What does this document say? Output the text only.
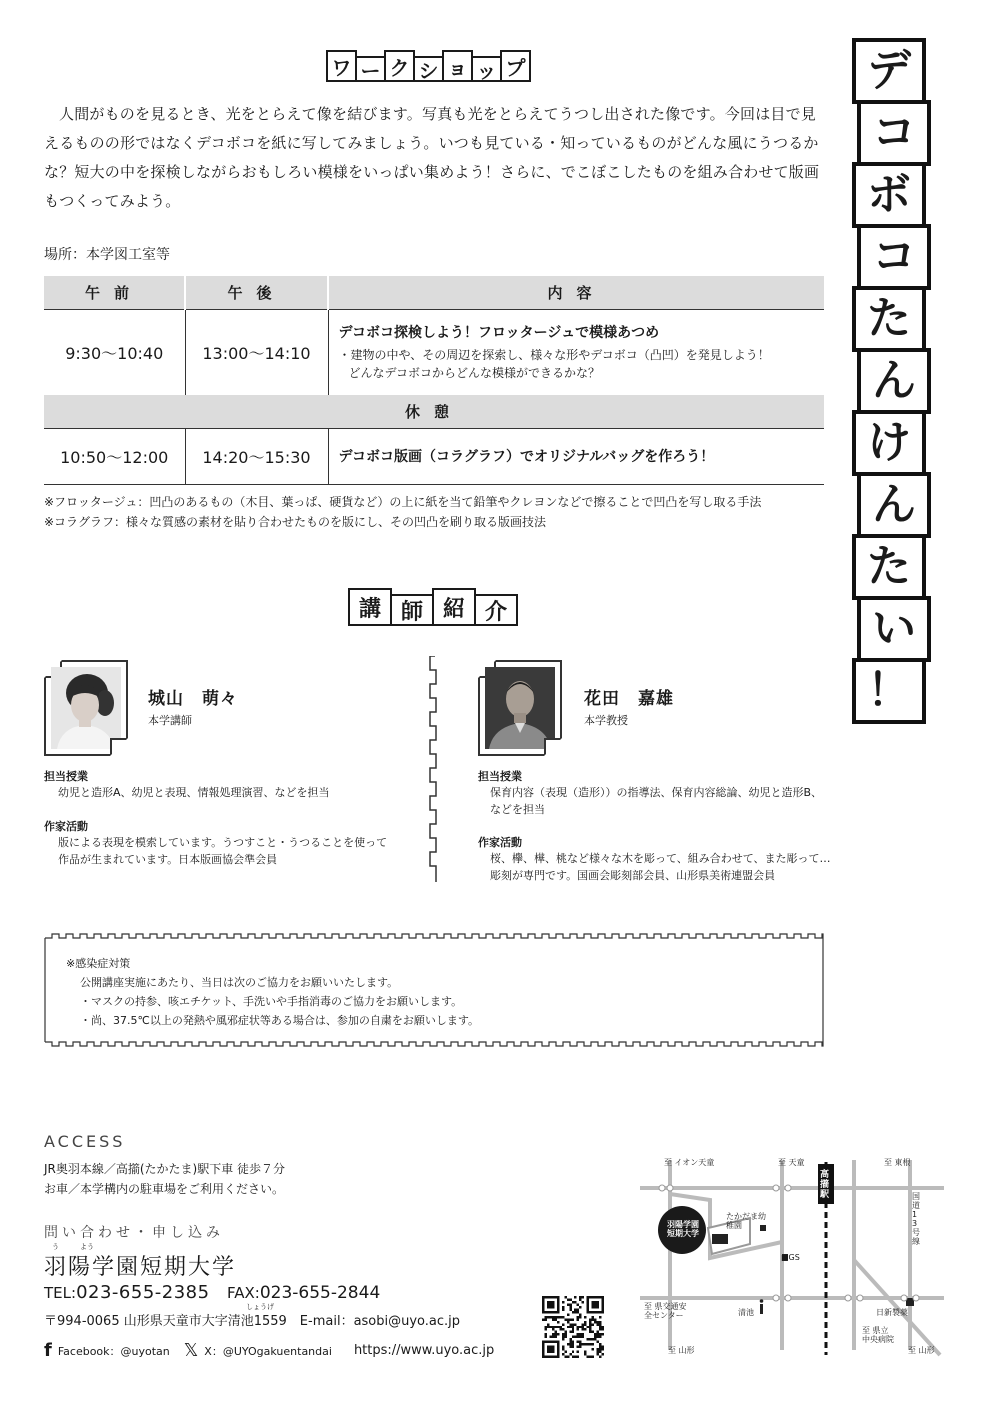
ワ ー ク シ ョ ッ プ	デ
コ
ボ
コ
た
ん
け
ん
た
い
！

人間がものを見るとき、光をとらえて像を結びます。写真も光をとらえてうつし出された像です。今回は目で見えるものの形ではなくデコボコを紙に写してみましょう。いつも見ている・知っているものがどんな風にうつるかな？短大の中を探検しながらおもしろい模様をいっぱい集めよう！さらに、でこぼこしたものを組み合わせて版画もつくってみよう。

場所：本学図工室等
午前	午後	内容
9:30〜10:40	13:00〜14:10	デコボコ探検しよう！フロッタージュで模様あつめ
・建物の中や、その周辺を探索し、様々な形やデコボコ（凸凹）を発見しよう！
どんなデコボコからどんな模様ができるかな？

休憩		
10:50〜12:00	14:20〜15:30	デコボコ版画（コラグラフ）でオリジナルバッグを作ろう！
※フロッタージュ：凹凸のあるもの（木目、葉っぱ、硬貨など）の上に紙を当て鉛筆やクレヨンなどで擦ることで凹凸を写し取る手法
※コラグラフ：様々な質感の素材を貼り合わせたものを版にし、その凹凸を刷り取る版画技法
講 師 紹 介
城山　萌々
本学講師
担当授業
幼児と造形A、幼児と表現、情報処理演習、などを担当
作家活動
版による表現を模索しています。うつすこと・うつることを使って
作品が生まれています。日本版画協会準会員
花田　嘉雄
本学教授
担当授業
保育内容（表現（造形））の指導法、保育内容総論、幼児と造形B、
などを担当
作家活動
桜、欅、樺、桃など様々な木を彫って、組み合わせて、また彫って…
彫刻が専門です。国画会彫刻部会員、山形県美術連盟会員
※感染症対策
公開講座実施にあたり、当日は次のご協力をお願いいたします。
・マスクの持参、咳エチケット、手洗いや手指消毒のご協力をお願いします。
・尚、37.5℃以上の発熱や風邪症状等ある場合は、参加の自粛をお願いします。
ACCESS
JR奥羽本線／高擶(たかたま)駅下車 徒歩７分
お車／本学構内の駐車場をご利用ください。
問い合わせ・申し込み
う	よう
羽陽学園短期大学
TEL:023-655-2385 FAX:023-655-2844
しょうげ
〒994-0065 山形県天童市大字清池1559　E-mail：asobi@uyo.ac.jp
f Facebook：@uyotan 𝕏 X：@UYOgakuentandai https://www.uyo.ac.jp
至 イオン天童	至 天童
高擶駅
至 東根
国道13号線
羽陽学園短期大学
たかだま幼稚園
■GS
至 県交通安全センター	清池	日新製薬
至 県立中央病院
至 山形	至 山形
